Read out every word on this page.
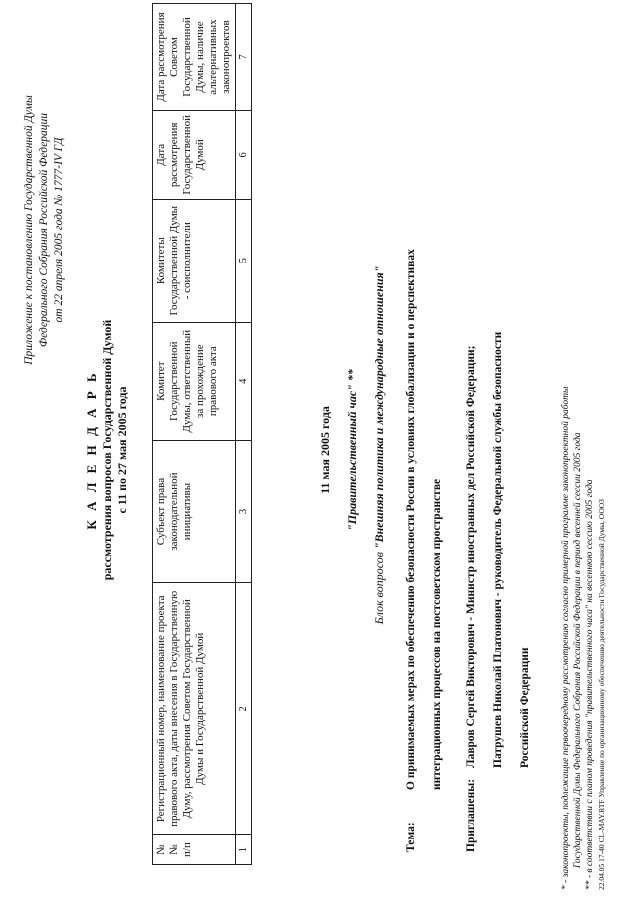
Приложение к постановлению Государственной Думы Федерального Собрания Российской Федерации от 22 апреля 2005 года № 1777-IV ГД
К А Л Е Н Д А Р Ь рассмотрения вопросов Государственной Думой с 11 по 27 мая 2005 года
№№ п/п	Регистрационный номер, наименование проекта правового акта, даты внесения в Государственную Думу, рассмотрения Советом Государственной Думы и Государственной Думой	Субъект права законодательной инициативы	Комитет Государственной Думы, ответственный за прохождение правового акта	Комитеты Государственной Думы - соисполнители	Дата рассмотрения Государственной Думой	Дата рассмотрения Советом Государственной Думы, наличие альтернативных законопроектов
1	2	3	4	5	6	7
11 мая 2005 года "Правительственный час" **
Блок вопросов "Внешняя политика и международные отношения"
Тема:О принимаемых мерах по обеспечению безопасности России в условиях глобализации и о перспективах	интеграционных процессов на постсоветском пространстве
Приглашены:Лавров Сергей Викторович - Министр иностранных дел Российской Федерации;	Патрушев Николай Платонович - руководитель Федеральной службы безопасности	Российской Федерации	* - законопроекты, подлежащие первоочередному рассмотрению согласно примерной программе законопроектной работы Государственной Думы Федерального Собрания Российской Федерации в период весенней сессии 2005 года ** - в соответствии с планом проведения "правительственного часа" на весеннюю сессию 2005 года 22.04.05 17-40 CL-MAY.RTF Управление по организационному обеспечению деятельности Государственной Думы, ООО3
